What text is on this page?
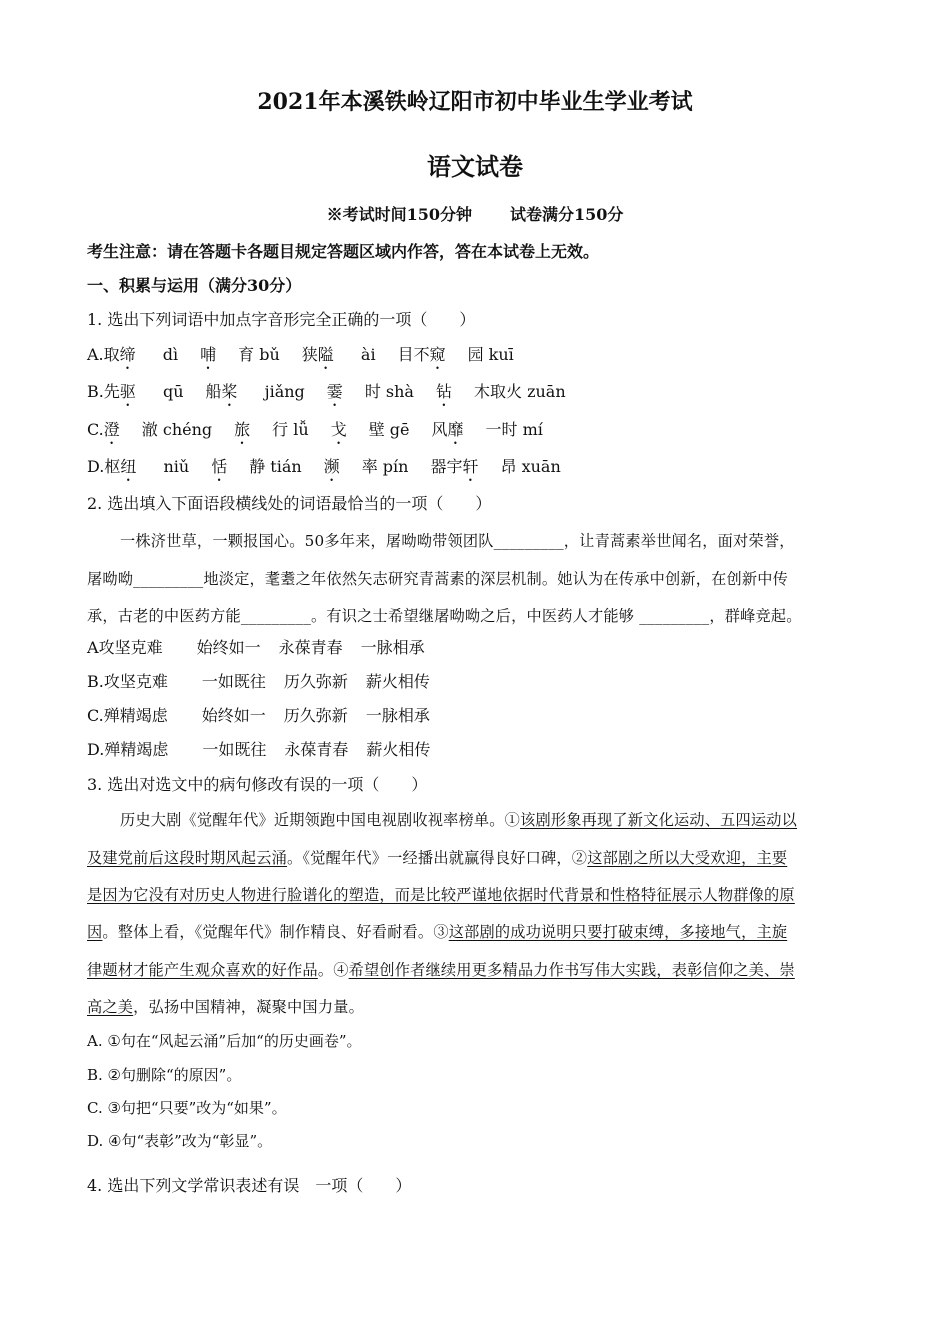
2021年本溪铁岭辽阳市初中毕业生学业考试
语文试卷
※考试时间150分钟 试卷满分150分
考生注意：请在答题卡各题目规定答题区域内作答，答在本试卷上无效。
一、积累与运用（满分30分）
1. 选出下列词语中加点字音形完全正确的一项（　　）
A.取缔 dì 哺 育 bǔ 狭隘 ài 目不窥 园 kuī
B.先驱 qū 船桨 jiǎng 霎 时 shà 钻 木取火 zuān
C.澄 澈 chéng 旅 行 lǚ 戈 壁 gē 风靡 一时 mí
D.枢纽 niǔ 恬 静 tián 濒 率 pín 器宇轩 昂 xuān
2. 选出填入下面语段横线处的词语最恰当的一项（　　）
一株济世草，一颗报国心。50多年来，屠呦呦带领团队_________，让青蒿素举世闻名，面对荣誉，
屠呦呦_________地淡定，耄耋之年依然矢志研究青蒿素的深层机制。她认为在传承中创新，在创新中传
承，古老的中医药方能_________。有识之士希望继屠呦呦之后，中医药人才能够 _________，群峰竞起。
A攻坚克难 始终如一 永葆青春 一脉相承
B.攻坚克难 一如既往 历久弥新 薪火相传
C.殚精竭虑 始终如一 历久弥新 一脉相承
D.殚精竭虑 一如既往 永葆青春 薪火相传
3. 选出对选文中的病句修改有误的一项（　　）
历史大剧《觉醒年代》近期领跑中国电视剧收视率榜单。①该剧形象再现了新文化运动、五四运动以
及建党前后这段时期风起云涌。《觉醒年代》一经播出就赢得良好口碑，②这部剧之所以大受欢迎，主要
是因为它没有对历史人物进行脸谱化的塑造，而是比较严谨地依据时代背景和性格特征展示人物群像的原
因。整体上看，《觉醒年代》制作精良、好看耐看。③这部剧的成功说明只要打破束缚，多接地气，主旋
律题材才能产生观众喜欢的好作品。④希望创作者继续用更多精品力作书写伟大实践，表彰信仰之美、崇
高之美，弘扬中国精神，凝聚中国力量。
A. ①句在“风起云涌”后加“的历史画卷”。
B. ②句删除“的原因”。
C. ③句把“只要”改为“如果”。
D. ④句“表彰”改为“彰显”。
4. 选出下列文学常识表述有误　一项（　　）
